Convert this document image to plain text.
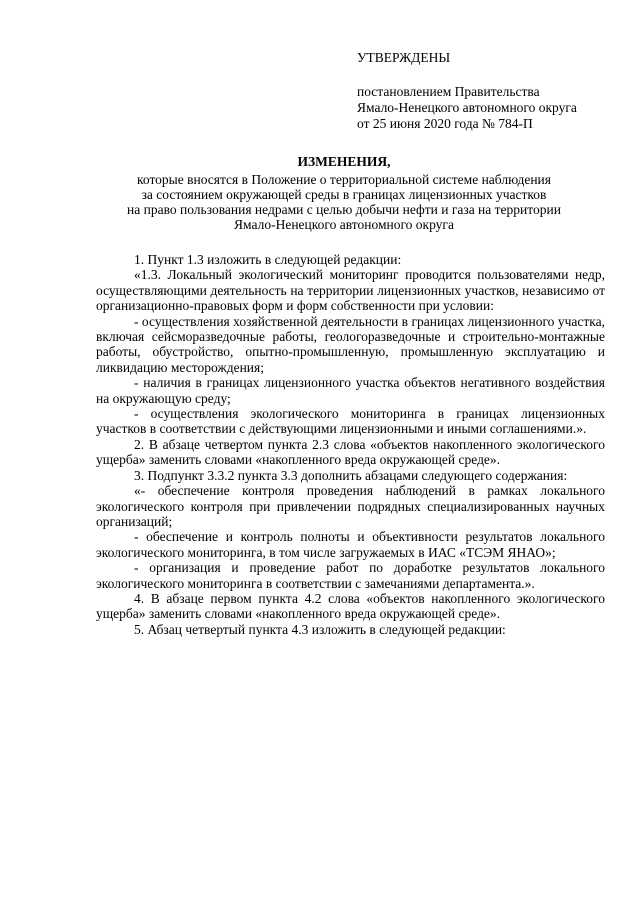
УТВЕРЖДЕНЫ
постановлением Правительства
Ямало-Ненецкого автономного округа
от 25 июня 2020 года № 784-П
ИЗМЕНЕНИЯ,
которые вносятся в Положение о территориальной системе наблюдения
за состоянием окружающей среды в границах лицензионных участков
на право пользования недрами с целью добычи нефти и газа на территории
Ямало-Ненецкого автономного округа

1. Пункт 1.3 изложить в следующей редакции:

«1.3. Локальный экологический мониторинг проводится пользователями недр, осуществляющими деятельность на территории лицензионных участков, независимо от организационно-правовых форм и форм собственности при условии:

- осуществления хозяйственной деятельности в границах лицензионного участка, включая сейсморазведочные работы, геологоразведочные и строительно-монтажные работы, обустройство, опытно-промышленную, промышленную эксплуатацию и ликвидацию месторождения;

- наличия в границах лицензионного участка объектов негативного воздействия на окружающую среду;

- осуществления экологического мониторинга в границах лицензионных участков в соответствии с действующими лицензионными и иными соглашениями.».

2. В абзаце четвертом пункта 2.3 слова «объектов накопленного экологического ущерба» заменить словами «накопленного вреда окружающей среде».

3. Подпункт 3.3.2 пункта 3.3 дополнить абзацами следующего содержания:

«- обеспечение контроля проведения наблюдений в рамках локального экологического контроля при привлечении подрядных специализированных научных организаций;

- обеспечение и контроль полноты и объективности результатов локального экологического мониторинга, в том числе загружаемых в ИАС «ТСЭМ ЯНАО»;

- организация и проведение работ по доработке результатов локального экологического мониторинга в соответствии с замечаниями департамента.».

4. В абзаце первом пункта 4.2 слова «объектов накопленного экологического ущерба» заменить словами «накопленного вреда окружающей среде».

5. Абзац четвертый пункта 4.3 изложить в следующей редакции:
